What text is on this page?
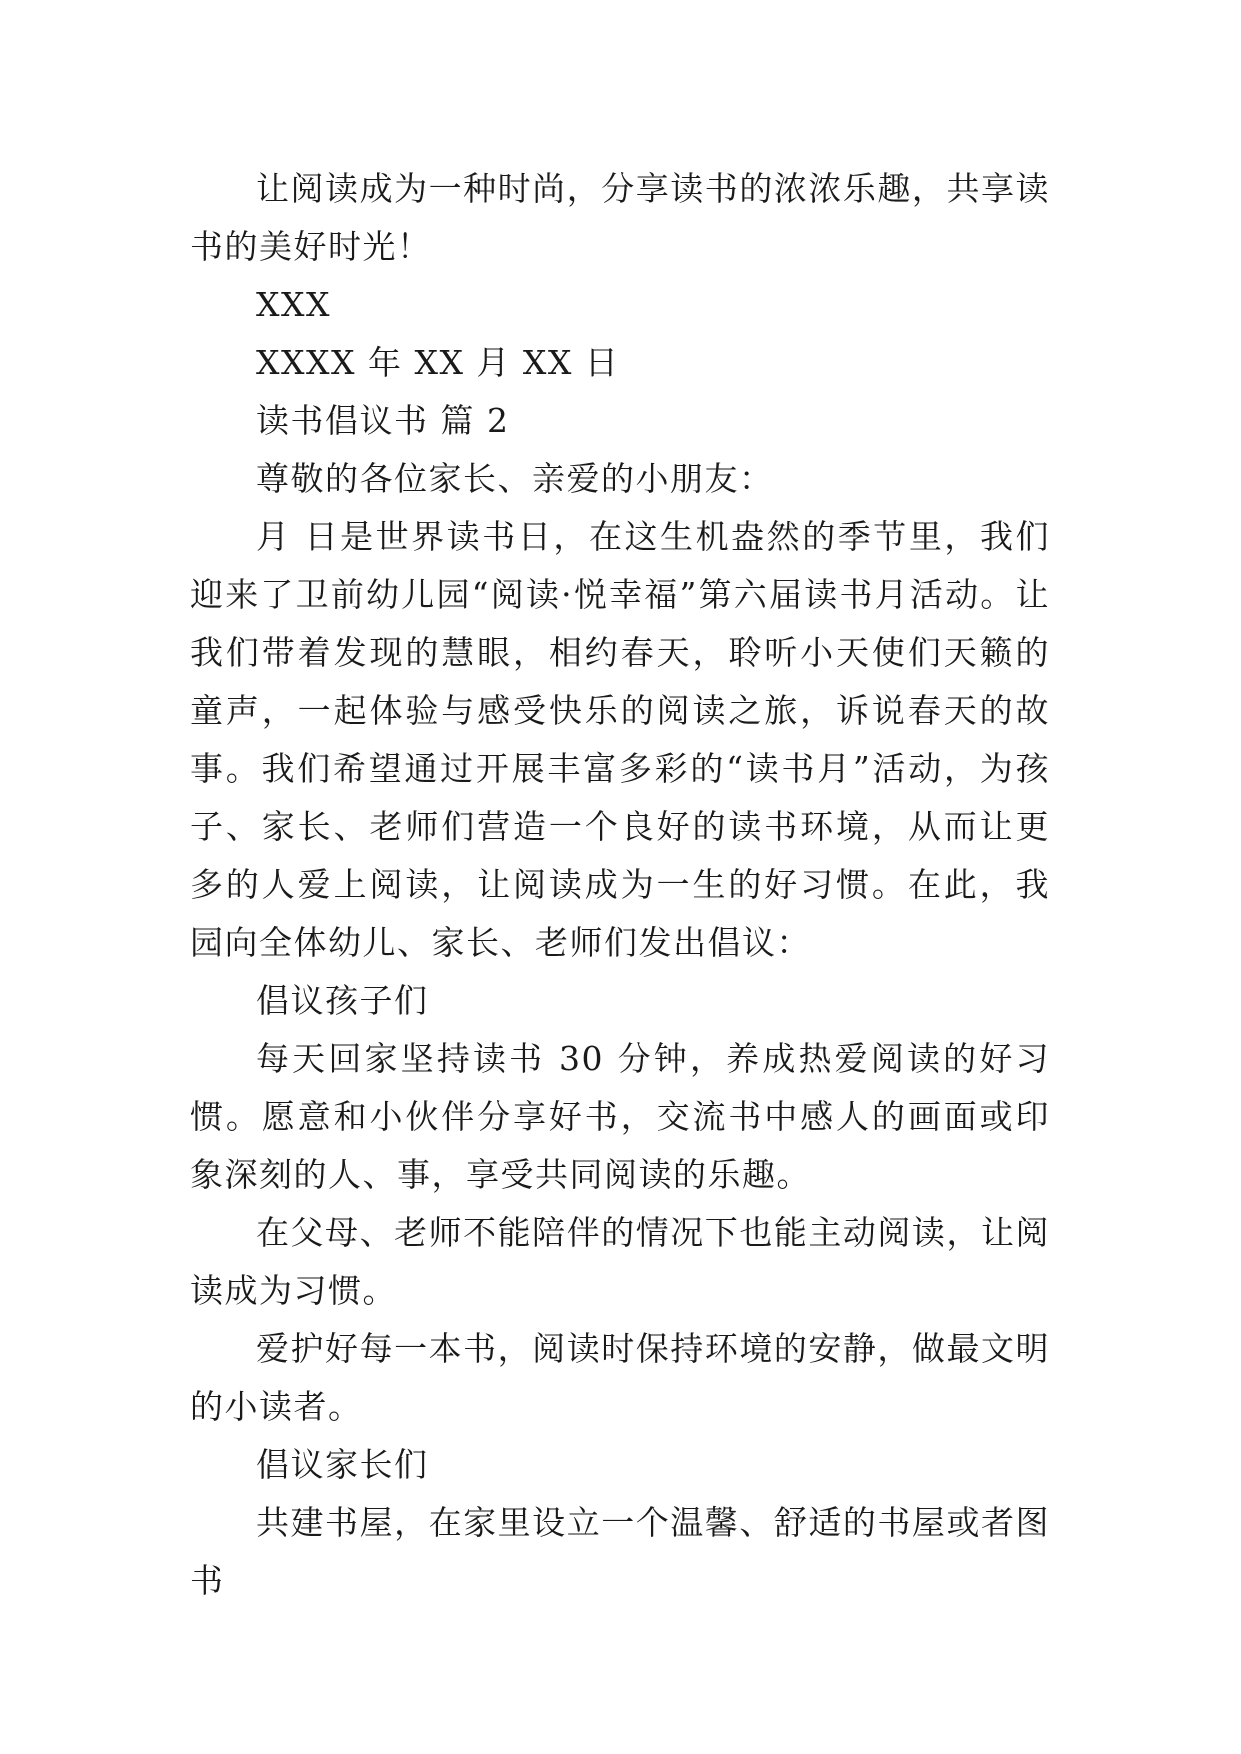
让阅读成为一种时尚，分享读书的浓浓乐趣，共享读书的美好时光！

XXX

XXXX 年 XX 月 XX 日

读书倡议书 篇 2

尊敬的各位家长、亲爱的小朋友：

月 日是世界读书日，在这生机盎然的季节里，我们迎来了卫前幼儿园“阅读·悦幸福”第六届读书月活动。让我们带着发现的慧眼，相约春天，聆听小天使们天籁的童声，一起体验与感受快乐的阅读之旅，诉说春天的故事。我们希望通过开展丰富多彩的“读书月”活动，为孩子、家长、老师们营造一个良好的读书环境，从而让更多的人爱上阅读，让阅读成为一生的好习惯。在此，我园向全体幼儿、家长、老师们发出倡议：

倡议孩子们

每天回家坚持读书 30 分钟，养成热爱阅读的好习惯。愿意和小伙伴分享好书，交流书中感人的画面或印象深刻的人、事，享受共同阅读的乐趣。

在父母、老师不能陪伴的情况下也能主动阅读，让阅读成为习惯。

爱护好每一本书，阅读时保持环境的安静，做最文明的小读者。

倡议家长们

共建书屋，在家里设立一个温馨、舒适的书屋或者图书
